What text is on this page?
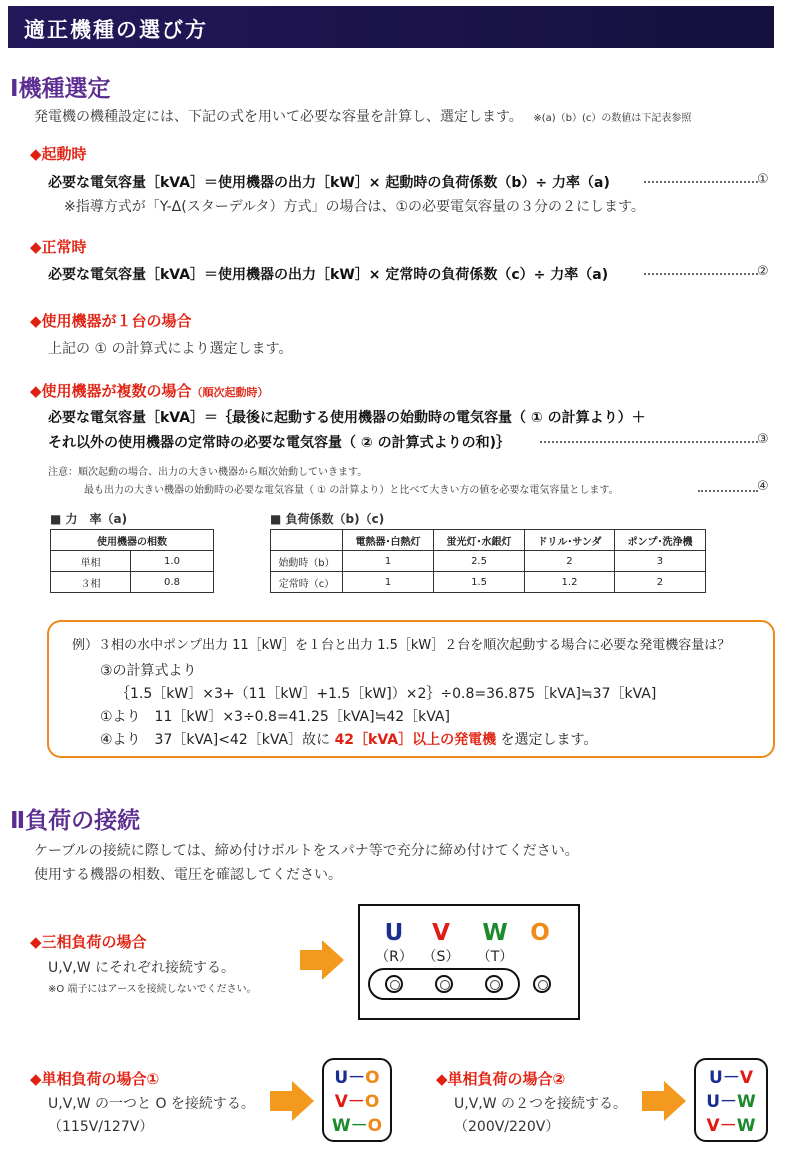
適正機種の選び方
Ⅰ機種選定
発電機の機種設定には、下記の式を用いて必要な容量を計算し、選定します。 ※(a)（b）(c）の数値は下記表参照
◆起動時
必要な電気容量［kVA］＝使用機器の出力［kW］× 起動時の負荷係数（b）÷ 力率（a)	①
※指導方式が「Y-Δ(スターデルタ）方式」の場合は、①の必要電気容量の３分の２にします。
◆正常時
必要な電気容量［kVA］＝使用機器の出力［kW］× 定常時の負荷係数（c）÷ 力率（a)	②
◆使用機器が１台の場合
上記の ① の計算式により選定します。
◆使用機器が複数の場合（順次起動時）
必要な電気容量［kVA］＝｛最後に起動する使用機器の始動時の電気容量（ ① の計算より）＋
それ以外の使用機器の定常時の必要な電気容量（ ② の計算式よりの和)｝	③
注意：順次起動の場合、出力の大きい機器から順次始動していきます。
最も出力の大きい機器の始動時の必要な電気容量（ ① の計算より）と比べて大きい方の値を必要な電気容量とします。	④
■ 力　率（a)
使用機器の相数	
単相	1.0
３相	0.8
■ 負荷係数（b)（c)
	電熱器･白熱灯	蛍光灯･水銀灯	ドリル･サンダ	ポンプ･洗浄機
始動時（b）	1	2.5	2	3
定常時（c）	1	1.5	1.2	2
例）３相の水中ポンプ出力 11［kW］を１台と出力 1.5［kW］２台を順次起動する場合に必要な発電機容量は？
③の計算式より
｛1.5［kW］×3+（11［kW］+1.5［kW]）×2｝÷0.8=36.875［kVA]≒37［kVA]
①より　11［kW］×3÷0.8=41.25［kVA]≒42［kVA]
④より　37［kVA]<42［kVA］故に 42［kVA］以上の発電機 を選定します。
Ⅱ負荷の接続
ケーブルの接続に際しては、締め付けボルトをスパナ等で充分に締め付けてください。
使用する機器の相数、電圧を確認してください。
◆三相負荷の場合
U,V,W にそれぞれ接続する。
※O 端子にはアースを接続しないでください。
U	V	W O
（R） （S） （T）
◆単相負荷の場合①
U,V,W の一つと O を接続する。
（115V/127V）
U－O
V－O
W－O
◆単相負荷の場合②
U,V,W の２つを接続する。
（200V/220V）
U－V
U－W
V－W
